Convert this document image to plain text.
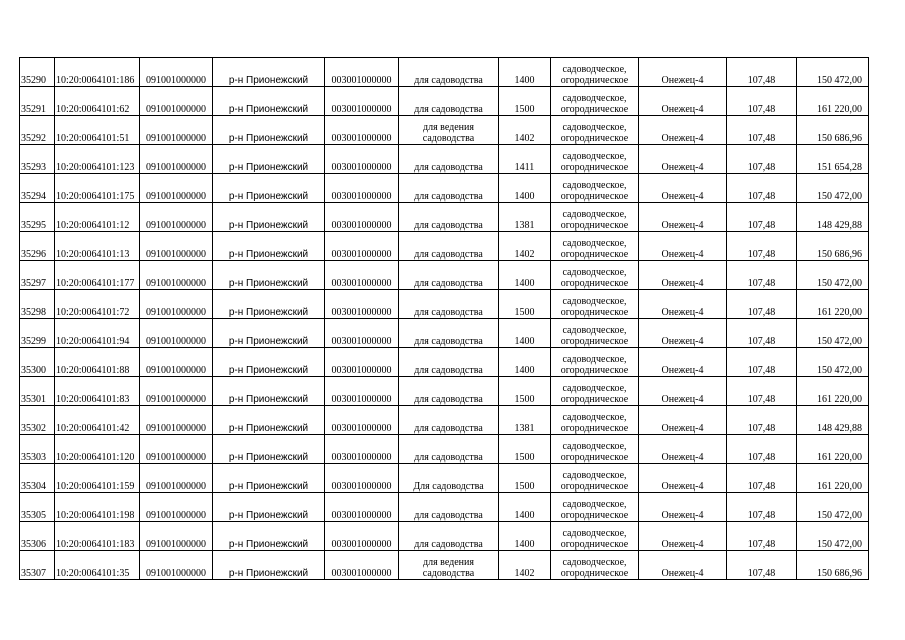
35290	10:20:0064101:186	091001000000	р-н Прионежский	003001000000	для садоводства	1400	садоводческое,
огородническое	Онежец-4	107,48	150 472,00
35291	10:20:0064101:62	091001000000	р-н Прионежский	003001000000	для садоводства	1500	садоводческое,
огородническое	Онежец-4	107,48	161 220,00
35292	10:20:0064101:51	091001000000	р-н Прионежский	003001000000	для ведения
садоводства	1402	садоводческое,
огородническое	Онежец-4	107,48	150 686,96
35293	10:20:0064101:123	091001000000	р-н Прионежский	003001000000	для садоводства	1411	садоводческое,
огородническое	Онежец-4	107,48	151 654,28
35294	10:20:0064101:175	091001000000	р-н Прионежский	003001000000	для садоводства	1400	садоводческое,
огородническое	Онежец-4	107,48	150 472,00
35295	10:20:0064101:12	091001000000	р-н Прионежский	003001000000	для садоводства	1381	садоводческое,
огородническое	Онежец-4	107,48	148 429,88
35296	10:20:0064101:13	091001000000	р-н Прионежский	003001000000	для садоводства	1402	садоводческое,
огородническое	Онежец-4	107,48	150 686,96
35297	10:20:0064101:177	091001000000	р-н Прионежский	003001000000	для садоводства	1400	садоводческое,
огородническое	Онежец-4	107,48	150 472,00
35298	10:20:0064101:72	091001000000	р-н Прионежский	003001000000	для садоводства	1500	садоводческое,
огородническое	Онежец-4	107,48	161 220,00
35299	10:20:0064101:94	091001000000	р-н Прионежский	003001000000	для садоводства	1400	садоводческое,
огородническое	Онежец-4	107,48	150 472,00
35300	10:20:0064101:88	091001000000	р-н Прионежский	003001000000	для садоводства	1400	садоводческое,
огородническое	Онежец-4	107,48	150 472,00
35301	10:20:0064101:83	091001000000	р-н Прионежский	003001000000	для садоводства	1500	садоводческое,
огородническое	Онежец-4	107,48	161 220,00
35302	10:20:0064101:42	091001000000	р-н Прионежский	003001000000	для садоводства	1381	садоводческое,
огородническое	Онежец-4	107,48	148 429,88
35303	10:20:0064101:120	091001000000	р-н Прионежский	003001000000	для садоводства	1500	садоводческое,
огородническое	Онежец-4	107,48	161 220,00
35304	10:20:0064101:159	091001000000	р-н Прионежский	003001000000	Для садоводства	1500	садоводческое,
огородническое	Онежец-4	107,48	161 220,00
35305	10:20:0064101:198	091001000000	р-н Прионежский	003001000000	для садоводства	1400	садоводческое,
огородническое	Онежец-4	107,48	150 472,00
35306	10:20:0064101:183	091001000000	р-н Прионежский	003001000000	для садоводства	1400	садоводческое,
огородническое	Онежец-4	107,48	150 472,00
35307	10:20:0064101:35	091001000000	р-н Прионежский	003001000000	для ведения
садоводства	1402	садоводческое,
огородническое	Онежец-4	107,48	150 686,96
